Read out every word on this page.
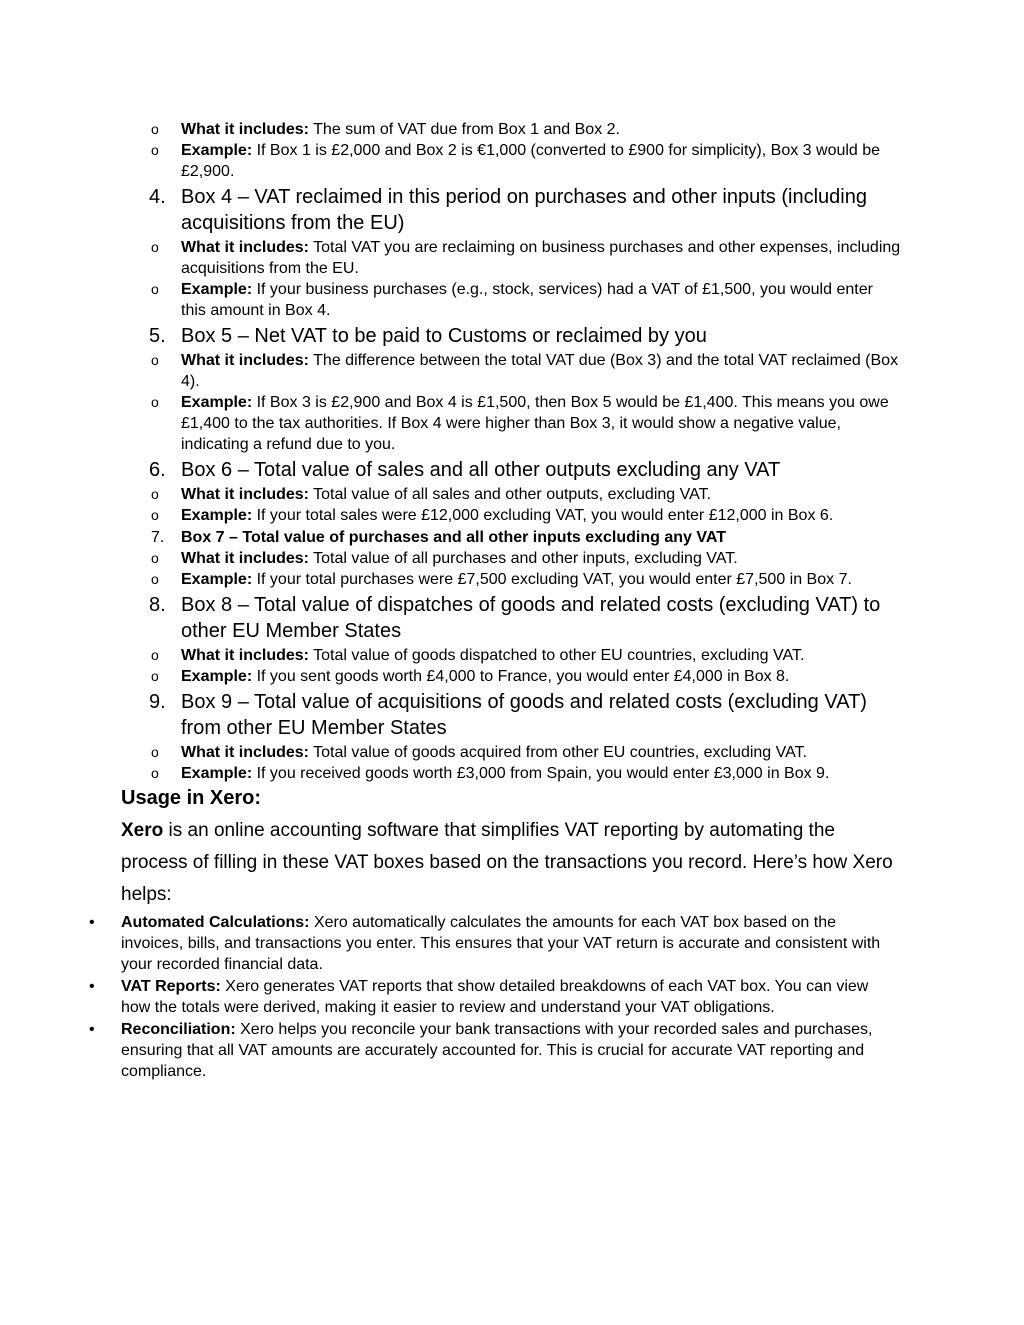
o What it includes: The sum of VAT due from Box 1 and Box 2.
o Example: If Box 1 is £2,000 and Box 2 is €1,000 (converted to £900 for simplicity), Box 3 would be £2,900.
4. Box 4 – VAT reclaimed in this period on purchases and other inputs (including acquisitions from the EU)
o What it includes: Total VAT you are reclaiming on business purchases and other expenses, including acquisitions from the EU.
o Example: If your business purchases (e.g., stock, services) had a VAT of £1,500, you would enter this amount in Box 4.
5. Box 5 – Net VAT to be paid to Customs or reclaimed by you
o What it includes: The difference between the total VAT due (Box 3) and the total VAT reclaimed (Box 4).
o Example: If Box 3 is £2,900 and Box 4 is £1,500, then Box 5 would be £1,400. This means you owe £1,400 to the tax authorities. If Box 4 were higher than Box 3, it would show a negative value, indicating a refund due to you.
6. Box 6 – Total value of sales and all other outputs excluding any VAT
o What it includes: Total value of all sales and other outputs, excluding VAT.
o Example: If your total sales were £12,000 excluding VAT, you would enter £12,000 in Box 6.
7. Box 7 – Total value of purchases and all other inputs excluding any VAT
o What it includes: Total value of all purchases and other inputs, excluding VAT.
o Example: If your total purchases were £7,500 excluding VAT, you would enter £7,500 in Box 7.
8. Box 8 – Total value of dispatches of goods and related costs (excluding VAT) to other EU Member States
o What it includes: Total value of goods dispatched to other EU countries, excluding VAT.
o Example: If you sent goods worth £4,000 to France, you would enter £4,000 in Box 8.
9. Box 9 – Total value of acquisitions of goods and related costs (excluding VAT) from other EU Member States
o What it includes: Total value of goods acquired from other EU countries, excluding VAT.
o Example: If you received goods worth £3,000 from Spain, you would enter £3,000 in Box 9.
Usage in Xero:
Xero is an online accounting software that simplifies VAT reporting by automating the process of filling in these VAT boxes based on the transactions you record. Here’s how Xero helps:
• Automated Calculations: Xero automatically calculates the amounts for each VAT box based on the invoices, bills, and transactions you enter. This ensures that your VAT return is accurate and consistent with your recorded financial data.
• VAT Reports: Xero generates VAT reports that show detailed breakdowns of each VAT box. You can view how the totals were derived, making it easier to review and understand your VAT obligations.
• Reconciliation: Xero helps you reconcile your bank transactions with your recorded sales and purchases, ensuring that all VAT amounts are accurately accounted for. This is crucial for accurate VAT reporting and compliance.
